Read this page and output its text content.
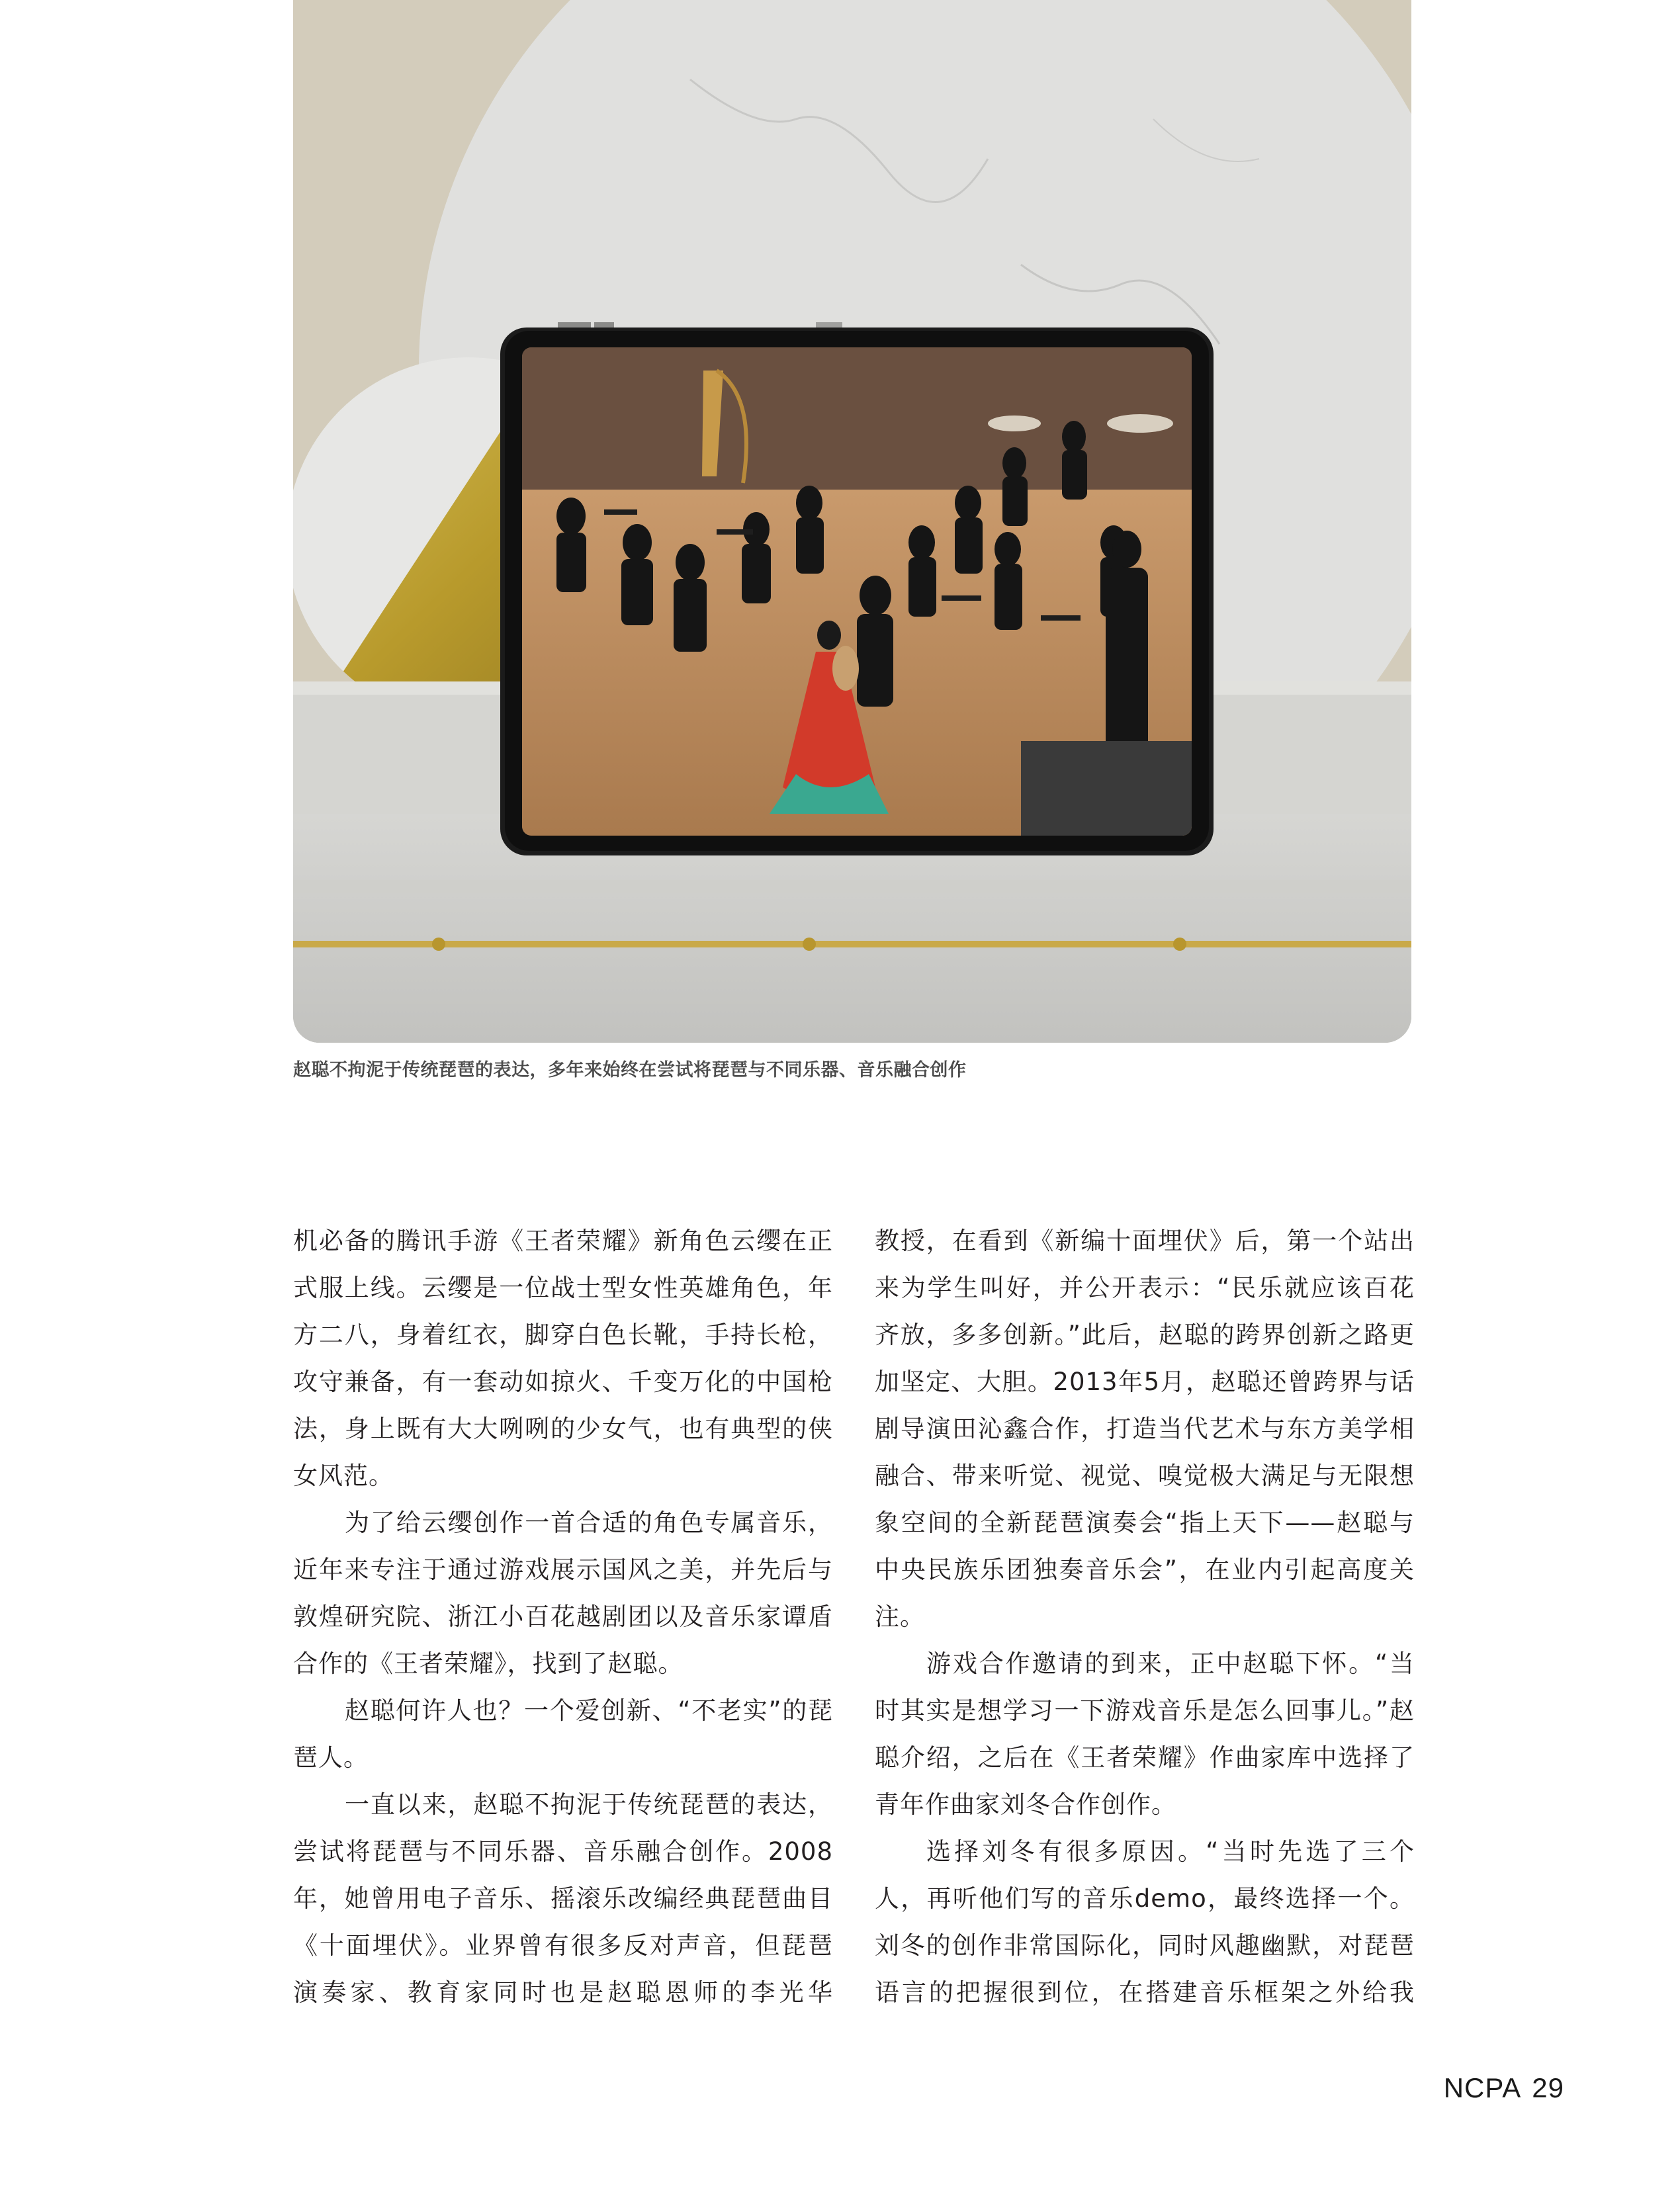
赵聪不拘泥于传统琵琶的表达，多年来始终在尝试将琵琶与不同乐器、音乐融合创作

机必备的腾讯手游《王者荣耀》新角色云缨在正式服上线。云缨是一位战士型女性英雄角色，年方二八，身着红衣，脚穿白色长靴，手持长枪，攻守兼备，有一套动如掠火、千变万化的中国枪法，身上既有大大咧咧的少女气，也有典型的侠女风范。

为了给云缨创作一首合适的角色专属音乐，近年来专注于通过游戏展示国风之美，并先后与敦煌研究院、浙江小百花越剧团以及音乐家谭盾合作的《王者荣耀》，找到了赵聪。

赵聪何许人也？一个爱创新、“不老实”的琵琶人。

一直以来，赵聪不拘泥于传统琵琶的表达，尝试将琵琶与不同乐器、音乐融合创作。2008年，她曾用电子音乐、摇滚乐改编经典琵琶曲目《十面埋伏》。业界曾有很多反对声音，但琵琶演奏家、教育家同时也是赵聪恩师的李光华

教授，在看到《新编十面埋伏》后，第一个站出来为学生叫好，并公开表示：“民乐就应该百花齐放，多多创新。”此后，赵聪的跨界创新之路更加坚定、大胆。2013年5月，赵聪还曾跨界与话剧导演田沁鑫合作，打造当代艺术与东方美学相融合、带来听觉、视觉、嗅觉极大满足与无限想象空间的全新琵琶演奏会“指上天下——赵聪与中央民族乐团独奏音乐会”，在业内引起高度关注。

游戏合作邀请的到来，正中赵聪下怀。“当时其实是想学习一下游戏音乐是怎么回事儿。”赵聪介绍，之后在《王者荣耀》作曲家库中选择了青年作曲家刘冬合作创作。

选择刘冬有很多原因。“当时先选了三个人，再听他们写的音乐demo，最终选择一个。刘冬的创作非常国际化，同时风趣幽默，对琵琶语言的把握很到位，在搭建音乐框架之外给我

NCPA 29
